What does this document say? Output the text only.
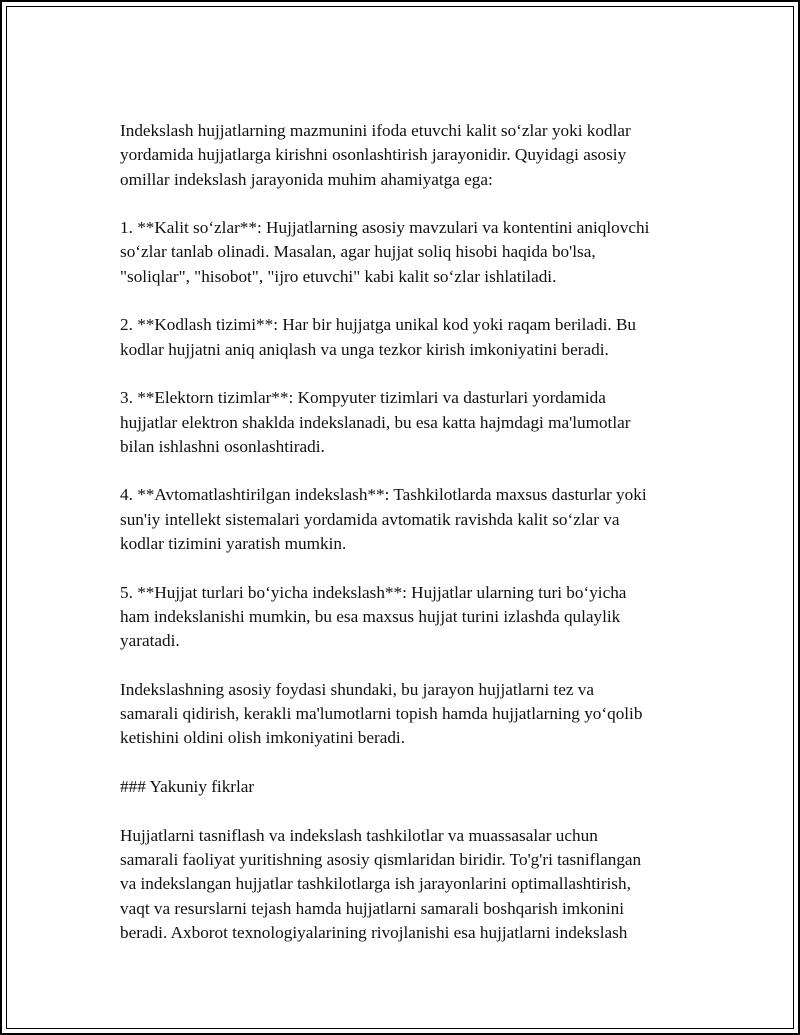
Indekslash hujjatlarning mazmunini ifoda etuvchi kalit so‘zlar yoki kodlar
yordamida hujjatlarga kirishni osonlashtirish jarayonidir. Quyidagi asosiy
omillar indekslash jarayonida muhim ahamiyatga ega:

1. **Kalit so‘zlar**: Hujjatlarning asosiy mavzulari va kontentini aniqlovchi
so‘zlar tanlab olinadi. Masalan, agar hujjat soliq hisobi haqida bo'lsa,
"soliqlar", "hisobot", "ijro etuvchi" kabi kalit so‘zlar ishlatiladi.

2. **Kodlash tizimi**: Har bir hujjatga unikal kod yoki raqam beriladi. Bu
kodlar hujjatni aniq aniqlash va unga tezkor kirish imkoniyatini beradi.

3. **Elektorn tizimlar**: Kompyuter tizimlari va dasturlari yordamida
hujjatlar elektron shaklda indekslanadi, bu esa katta hajmdagi ma'lumotlar
bilan ishlashni osonlashtiradi.

4. **Avtomatlashtirilgan indekslash**: Tashkilotlarda maxsus dasturlar yoki
sun'iy intellekt sistemalari yordamida avtomatik ravishda kalit so‘zlar va
kodlar tizimini yaratish mumkin.

5. **Hujjat turlari bo‘yicha indekslash**: Hujjatlar ularning turi bo‘yicha
ham indekslanishi mumkin, bu esa maxsus hujjat turini izlashda qulaylik
yaratadi.

Indekslashning asosiy foydasi shundaki, bu jarayon hujjatlarni tez va
samarali qidirish, kerakli ma'lumotlarni topish hamda hujjatlarning yo‘qolib
ketishini oldini olish imkoniyatini beradi.

### Yakuniy fikrlar

Hujjatlarni tasniflash va indekslash tashkilotlar va muassasalar uchun
samarali faoliyat yuritishning asosiy qismlaridan biridir. To'g'ri tasniflangan
va indekslangan hujjatlar tashkilotlarga ish jarayonlarini optimallashtirish,
vaqt va resurslarni tejash hamda hujjatlarni samarali boshqarish imkonini
beradi. Axborot texnologiyalarining rivojlanishi esa hujjatlarni indekslash
